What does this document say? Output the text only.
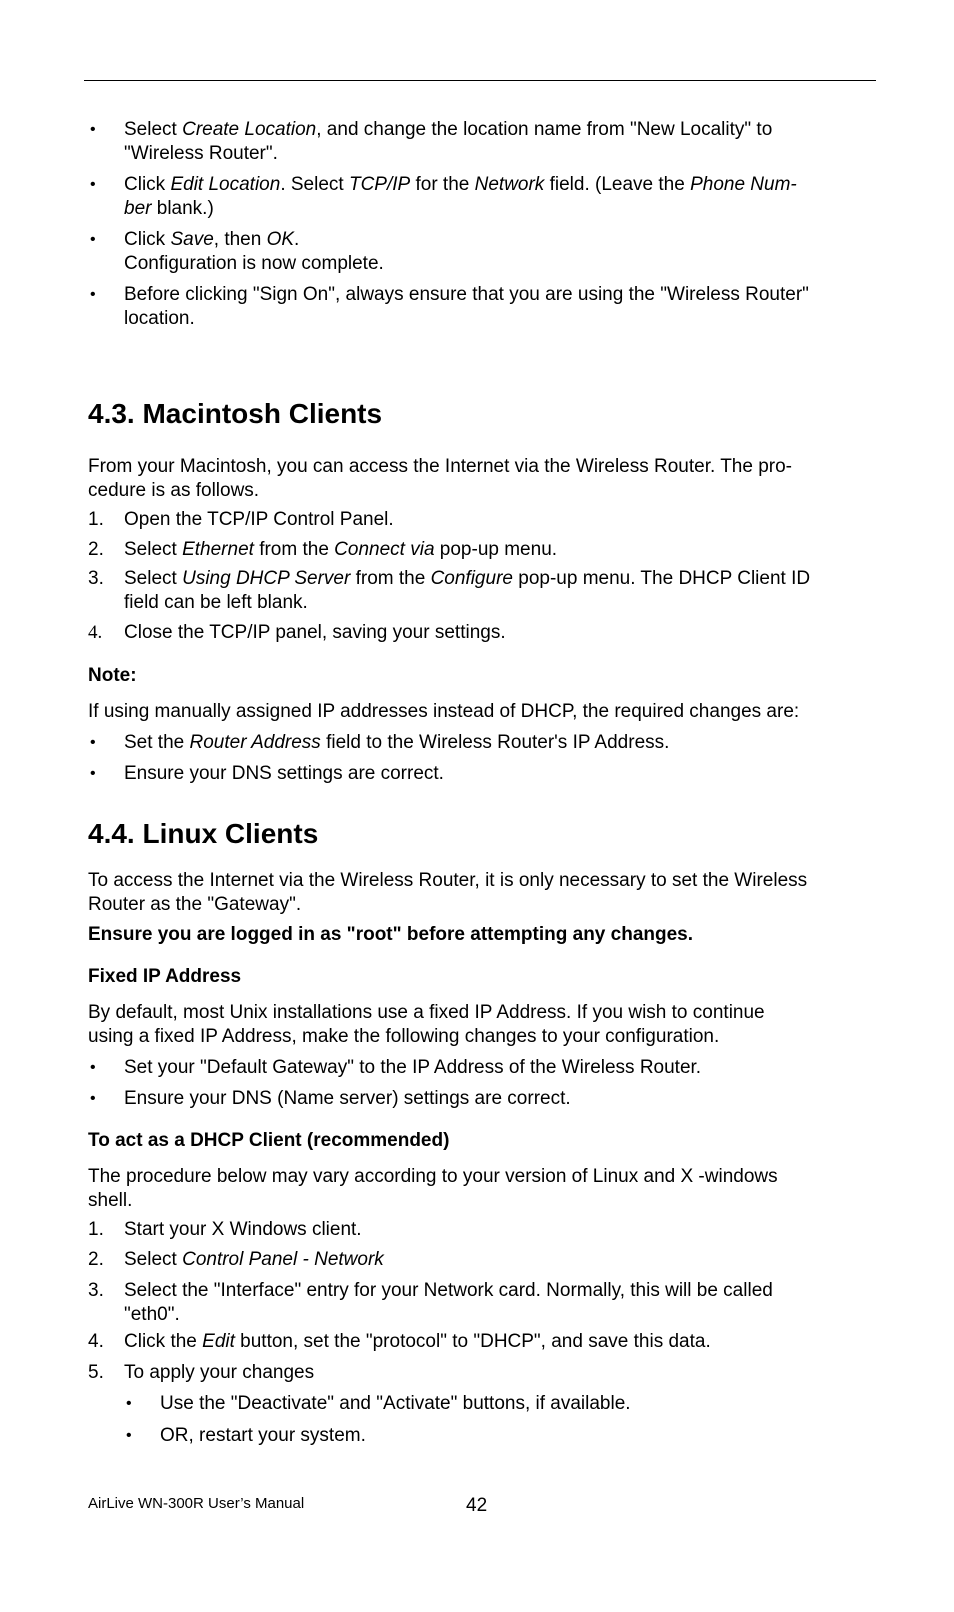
•	Select Create Location, and change the location name from "New Locality" to
"Wireless Router".
•	Click Edit Location. Select TCP/IP for the Network field. (Leave the Phone Num-
ber blank.)
•	Click Save, then OK.
Configuration is now complete.
•	Before clicking "Sign On", always ensure that you are using the "Wireless Router"
location.
4.3. Macintosh Clients
From your Macintosh, you can access the Internet via the Wireless Router. The pro-
cedure is as follows.
1.	Open the TCP/IP Control Panel.
2.	Select Ethernet from the Connect via pop-up menu.
3.	Select Using DHCP Server from the Configure pop-up menu. The DHCP Client ID
field can be left blank.
4.	Close the TCP/IP panel, saving your settings.
Note:
If using manually assigned IP addresses instead of DHCP, the required changes are:
•	Set the Router Address field to the Wireless Router's IP Address.
•	Ensure your DNS settings are correct.
4.4. Linux Clients
To access the Internet via the Wireless Router, it is only necessary to set the Wireless
Router as the "Gateway".
Ensure you are logged in as "root" before attempting any changes.
Fixed IP Address
By default, most Unix installations use a fixed IP Address. If you wish to continue
using a fixed IP Address, make the following changes to your configuration.
•	Set your "Default Gateway" to the IP Address of the Wireless Router.
•	Ensure your DNS (Name server) settings are correct.
To act as a DHCP Client (recommended)
The procedure below may vary according to your version of Linux and X -windows
shell.
1.	Start your X Windows client.
2.	Select Control Panel - Network
3.	Select the "Interface" entry for your Network card. Normally, this will be called
"eth0".
4.	Click the Edit button, set the "protocol" to "DHCP", and save this data.
5.	To apply your changes
•	Use the "Deactivate" and "Activate" buttons, if available.
•	OR, restart your system.
AirLive WN-300R User’s Manual	42
